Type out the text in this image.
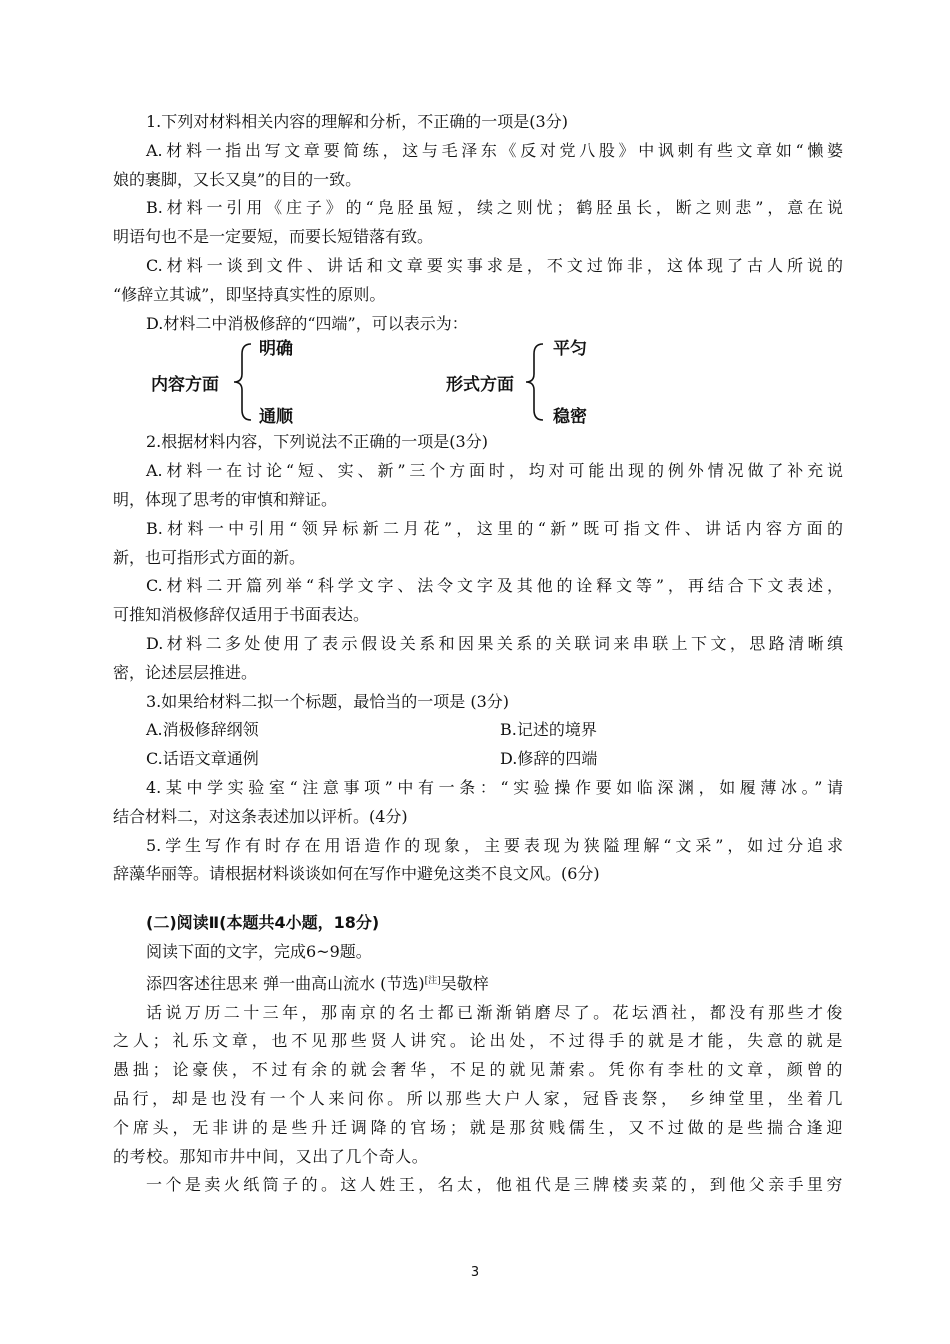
1.下列对材料相关内容的理解和分析，不正确的一项是(3分)

A.材料一指出写文章要简练，这与毛泽东《反对党八股》中讽刺有些文章如“懒婆

娘的裹脚，又长又臭”的目的一致。

B.材料一引用《庄子》的“凫胫虽短，续之则忧；鹤胫虽长，断之则悲”，意在说

明语句也不是一定要短，而要长短错落有致。

C.材料一谈到文件、讲话和文章要实事求是，不文过饰非，这体现了古人所说的

“修辞立其诚”，即坚持真实性的原则。

D.材料二中消极修辞的“四端”，可以表示为：

内容方面
明确
通顺
形式方面
平匀
稳密

2.根据材料内容，下列说法不正确的一项是(3分)

A.材料一在讨论“短、实、新”三个方面时，均对可能出现的例外情况做了补充说

明，体现了思考的审慎和辩证。

B.材料一中引用“领异标新二月花”，这里的“新”既可指文件、讲话内容方面的

新，也可指形式方面的新。

C.材料二开篇列举“科学文字、法令文字及其他的诠释文等”，再结合下文表述，

可推知消极修辞仅适用于书面表达。

D.材料二多处使用了表示假设关系和因果关系的关联词来串联上下文，思路清晰缜

密，论述层层推进。

3.如果给材料二拟一个标题，最恰当的一项是 (3分)

A.消极修辞纲领	B.记述的境界
C.话语文章通例	D.修辞的四端

4.某中学实验室“注意事项”中有一条：“实验操作要如临深渊，如履薄冰。”请

结合材料二，对这条表述加以评析。(4分)

5.学生写作有时存在用语造作的现象，主要表现为狭隘理解“文采”，如过分追求

辞藻华丽等。请根据材料谈谈如何在写作中避免这类不良文风。(6分)

(二)阅读Ⅱ(本题共4小题，18分)

阅读下面的文字，完成6~9题。

添四客述往思来 弹一曲高山流水 (节选)[注]吴敬梓

话说万历二十三年，那南京的名士都已渐渐销磨尽了。花坛酒社，都没有那些才俊

之人；礼乐文章，也不见那些贤人讲究。论出处，不过得手的就是才能，失意的就是

愚拙；论豪侠，不过有余的就会奢华，不足的就见萧索。凭你有李杜的文章，颜曾的

品行，却是也没有一个人来问你。所以那些大户人家，冠昏丧祭， 乡绅堂里，坐着几

个席头，无非讲的是些升迁调降的官场；就是那贫贱儒生，又不过做的是些揣合逢迎

的考校。那知市井中间，又出了几个奇人。

一个是卖火纸筒子的。这人姓王，名太，他祖代是三牌楼卖菜的，到他父亲手里穷

3
